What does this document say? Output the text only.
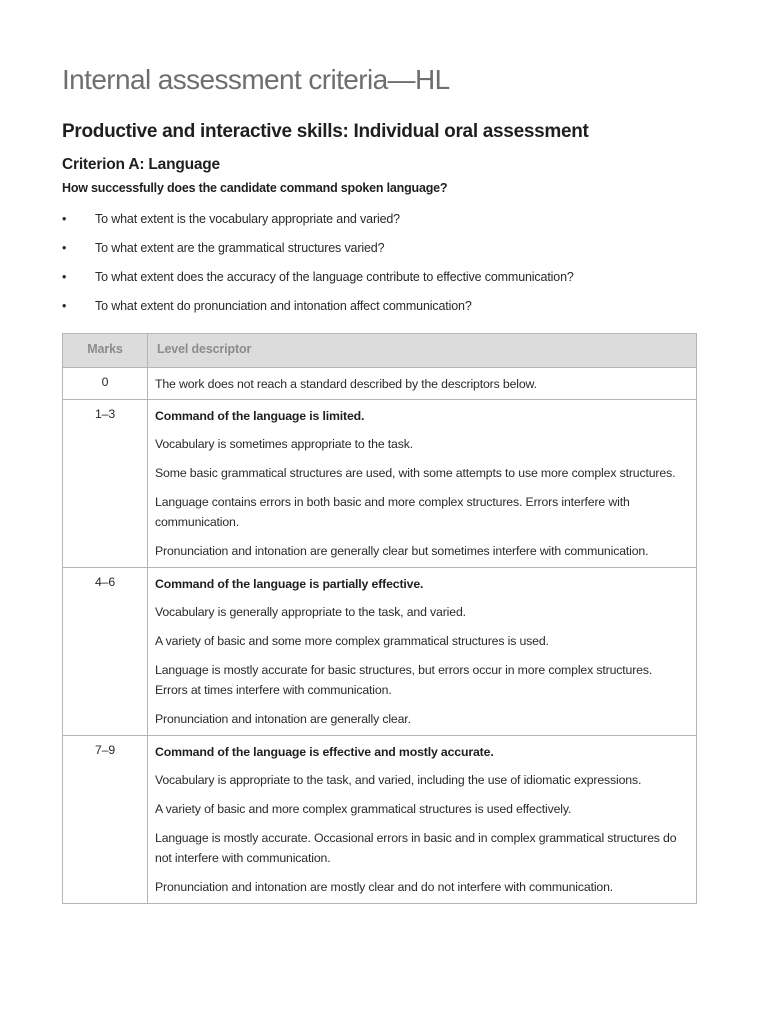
Internal assessment criteria—HL
Productive and interactive skills: Individual oral assessment
Criterion A: Language

How successfully does the candidate command spoken language?

• To what extent is the vocabulary appropriate and varied?
• To what extent are the grammatical structures varied?
• To what extent does the accuracy of the language contribute to effective communication?
• To what extent do pronunciation and intonation affect communication?
Marks	Level descriptor
0	The work does not reach a standard described by the descriptors below.

1–3	Command of the language is limited.

Vocabulary is sometimes appropriate to the task.

Some basic grammatical structures are used, with some attempts to use more complex structures.

Language contains errors in both basic and more complex structures. Errors interfere with communication.

Pronunciation and intonation are generally clear but sometimes interfere with communication.

4–6	Command of the language is partially effective.

Vocabulary is generally appropriate to the task, and varied.

A variety of basic and some more complex grammatical structures is used.

Language is mostly accurate for basic structures, but errors occur in more complex structures. Errors at times interfere with communication.

Pronunciation and intonation are generally clear.

7–9	Command of the language is effective and mostly accurate.

Vocabulary is appropriate to the task, and varied, including the use of idiomatic expressions.

A variety of basic and more complex grammatical structures is used effectively.

Language is mostly accurate. Occasional errors in basic and in complex grammatical structures do not interfere with communication.

Pronunciation and intonation are mostly clear and do not interfere with communication.
